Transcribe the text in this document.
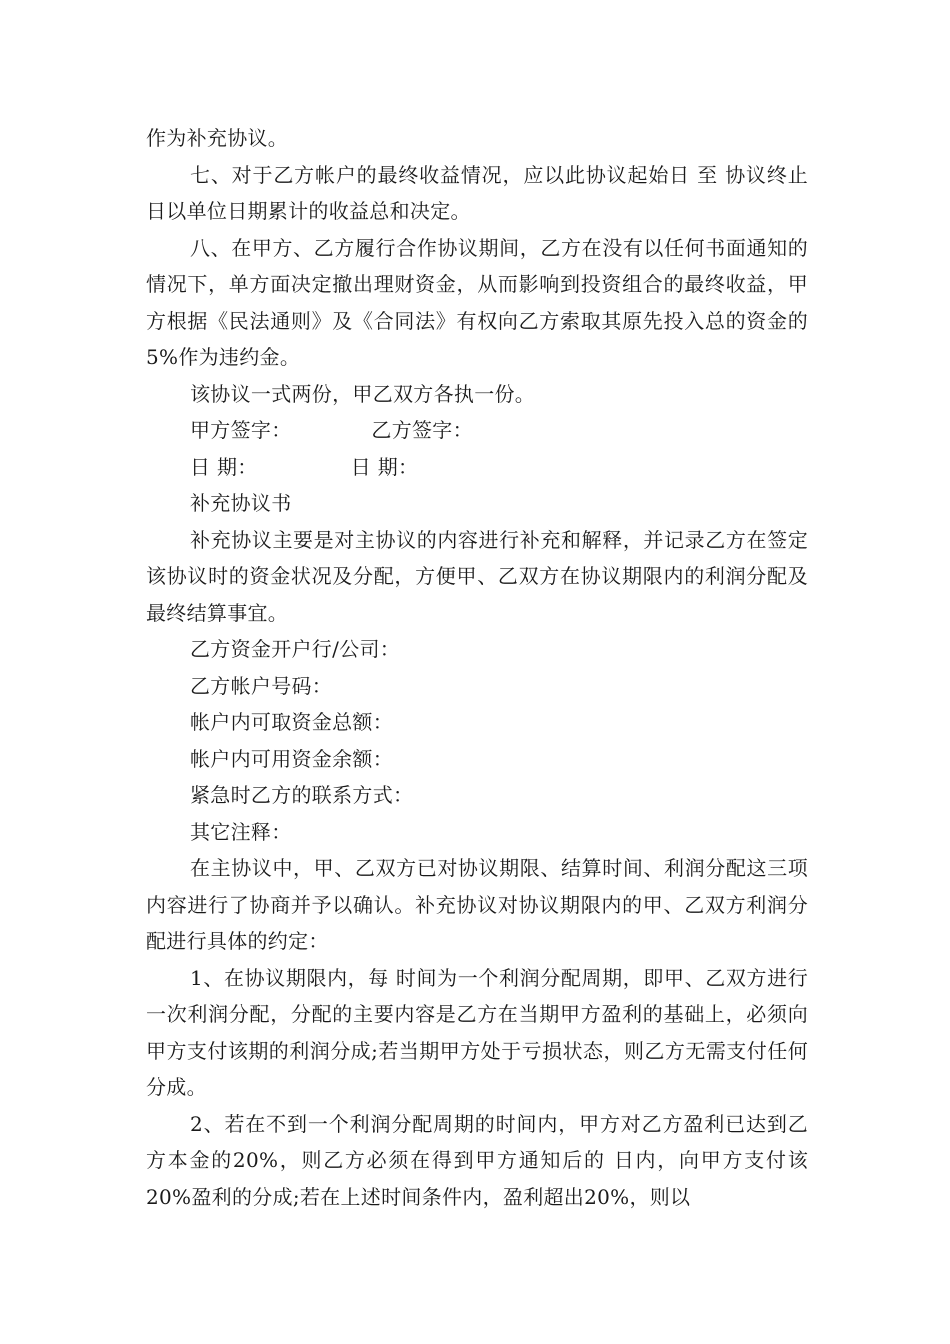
作为补充协议。

七、对于乙方帐户的最终收益情况，应以此协议起始日 至 协议终止日以单位日期累计的收益总和决定。

八、在甲方、乙方履行合作协议期间，乙方在没有以任何书面通知的情况下，单方面决定撤出理财资金，从而影响到投资组合的最终收益，甲方根据《民法通则》及《合同法》有权向乙方索取其原先投入总的资金的5%作为违约金。

该协议一式两份，甲乙双方各执一份。

甲方签字：            乙方签字：

日 期：              日 期：

补充协议书

补充协议主要是对主协议的内容进行补充和解释，并记录乙方在签定该协议时的资金状况及分配，方便甲、乙双方在协议期限内的利润分配及最终结算事宜。

乙方资金开户行/公司：

乙方帐户号码：

帐户内可取资金总额：

帐户内可用资金余额：

紧急时乙方的联系方式：

其它注释：

在主协议中，甲、乙双方已对协议期限、结算时间、利润分配这三项内容进行了协商并予以确认。补充协议对协议期限内的甲、乙双方利润分配进行具体的约定：

1、在协议期限内，每 时间为一个利润分配周期，即甲、乙双方进行一次利润分配，分配的主要内容是乙方在当期甲方盈利的基础上，必须向甲方支付该期的利润分成;若当期甲方处于亏损状态，则乙方无需支付任何分成。

2、若在不到一个利润分配周期的时间内，甲方对乙方盈利已达到乙方本金的20%，则乙方必须在得到甲方通知后的 日内，向甲方支付该20%盈利的分成;若在上述时间条件内，盈利超出20%，则以
